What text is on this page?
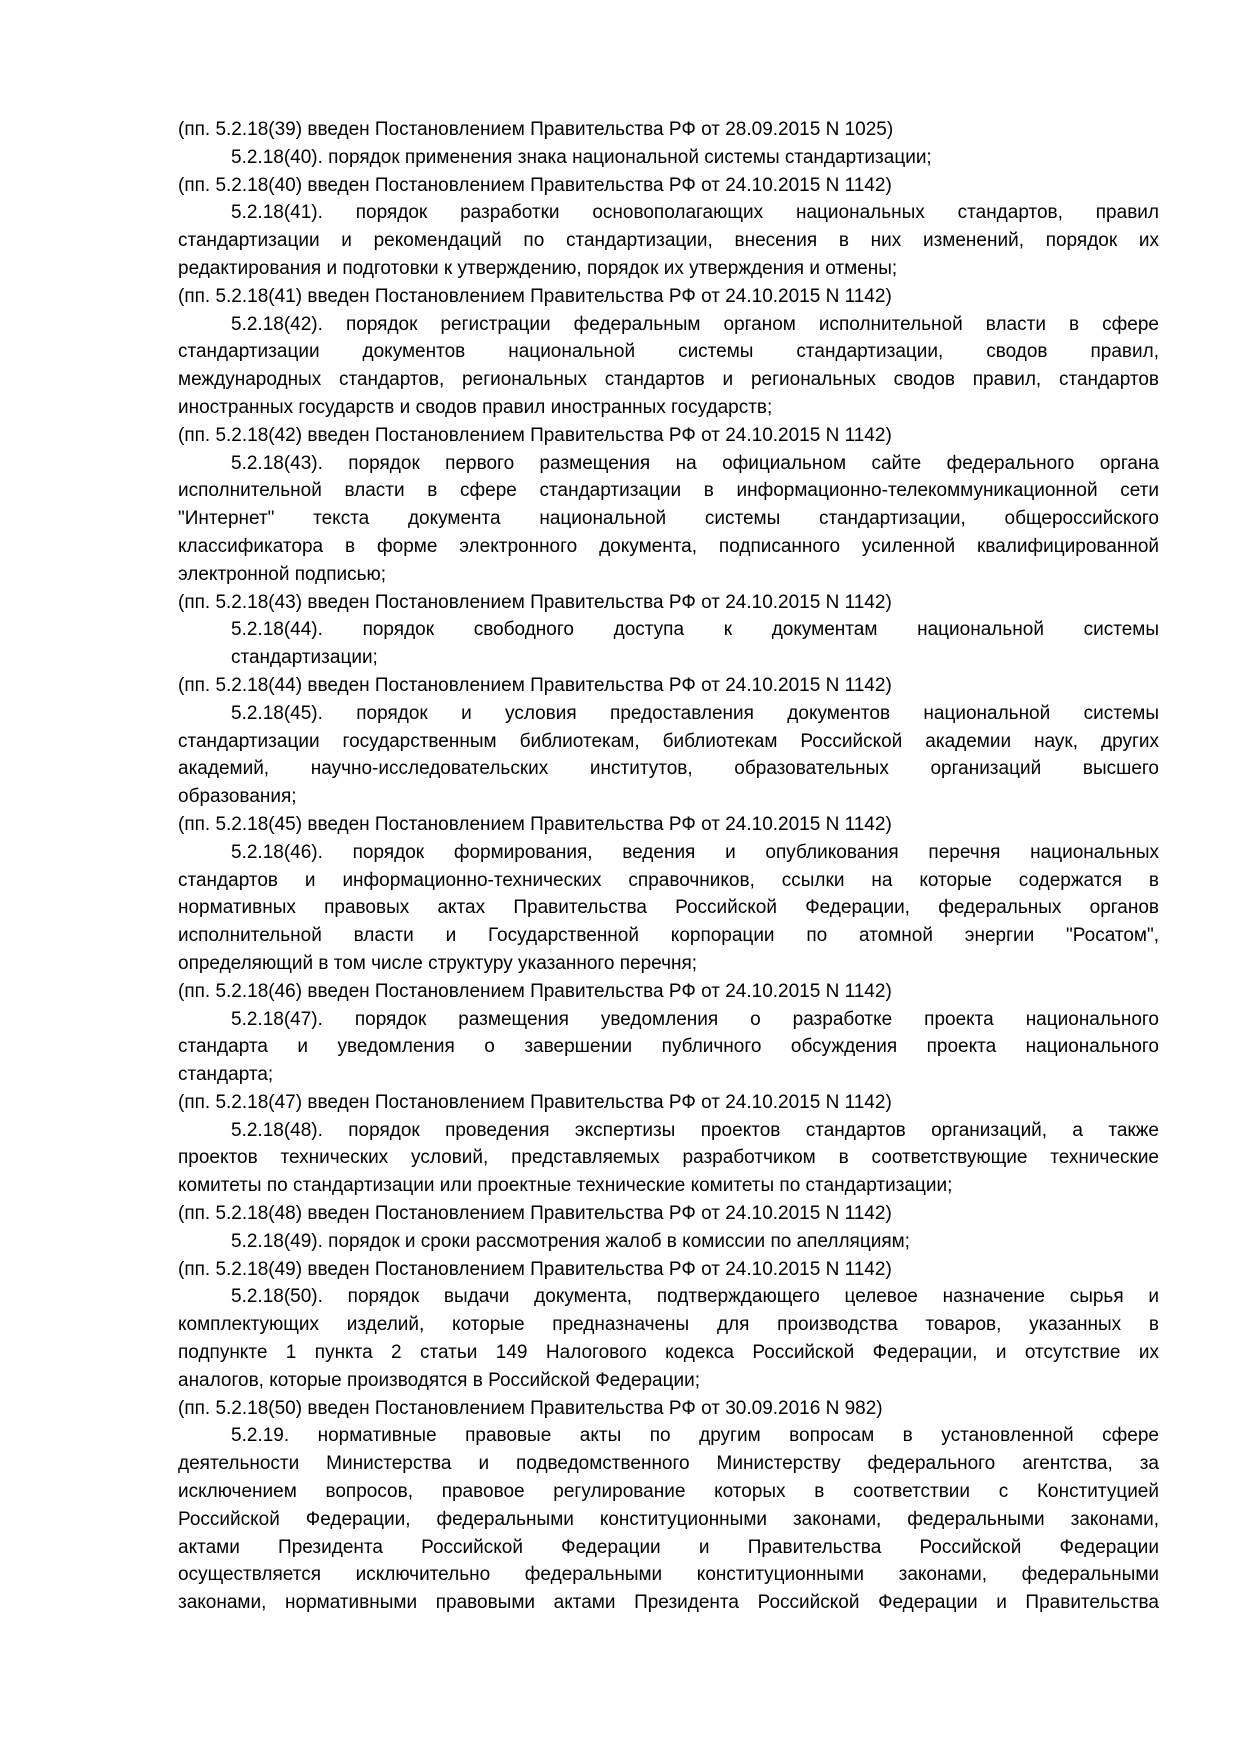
(пп. 5.2.18(39) введен Постановлением Правительства РФ от 28.09.2015 N 1025)
5.2.18(40). порядок применения знака национальной системы стандартизации;
(пп. 5.2.18(40) введен Постановлением Правительства РФ от 24.10.2015 N 1142)
5.2.18(41). порядок разработки основополагающих национальных стандартов, правил
стандартизации и рекомендаций по стандартизации, внесения в них изменений, порядок их
редактирования и подготовки к утверждению, порядок их утверждения и отмены;
(пп. 5.2.18(41) введен Постановлением Правительства РФ от 24.10.2015 N 1142)
5.2.18(42). порядок регистрации федеральным органом исполнительной власти в сфере
стандартизации документов национальной системы стандартизации, сводов правил,
международных стандартов, региональных стандартов и региональных сводов правил, стандартов
иностранных государств и сводов правил иностранных государств;
(пп. 5.2.18(42) введен Постановлением Правительства РФ от 24.10.2015 N 1142)
5.2.18(43). порядок первого размещения на официальном сайте федерального органа
исполнительной власти в сфере стандартизации в информационно-телекоммуникационной сети
"Интернет" текста документа национальной системы стандартизации, общероссийского
классификатора в форме электронного документа, подписанного усиленной квалифицированной
электронной подписью;
(пп. 5.2.18(43) введен Постановлением Правительства РФ от 24.10.2015 N 1142)
5.2.18(44). порядок свободного доступа к документам национальной системы
стандартизации;
(пп. 5.2.18(44) введен Постановлением Правительства РФ от 24.10.2015 N 1142)
5.2.18(45). порядок и условия предоставления документов национальной системы
стандартизации государственным библиотекам, библиотекам Российской академии наук, других
академий, научно-исследовательских институтов, образовательных организаций высшего
образования;
(пп. 5.2.18(45) введен Постановлением Правительства РФ от 24.10.2015 N 1142)
5.2.18(46). порядок формирования, ведения и опубликования перечня национальных
стандартов и информационно-технических справочников, ссылки на которые содержатся в
нормативных правовых актах Правительства Российской Федерации, федеральных органов
исполнительной власти и Государственной корпорации по атомной энергии "Росатом",
определяющий в том числе структуру указанного перечня;
(пп. 5.2.18(46) введен Постановлением Правительства РФ от 24.10.2015 N 1142)
5.2.18(47). порядок размещения уведомления о разработке проекта национального
стандарта и уведомления о завершении публичного обсуждения проекта национального
стандарта;
(пп. 5.2.18(47) введен Постановлением Правительства РФ от 24.10.2015 N 1142)
5.2.18(48). порядок проведения экспертизы проектов стандартов организаций, а также
проектов технических условий, представляемых разработчиком в соответствующие технические
комитеты по стандартизации или проектные технические комитеты по стандартизации;
(пп. 5.2.18(48) введен Постановлением Правительства РФ от 24.10.2015 N 1142)
5.2.18(49). порядок и сроки рассмотрения жалоб в комиссии по апелляциям;
(пп. 5.2.18(49) введен Постановлением Правительства РФ от 24.10.2015 N 1142)
5.2.18(50). порядок выдачи документа, подтверждающего целевое назначение сырья и
комплектующих изделий, которые предназначены для производства товаров, указанных в
подпункте 1 пункта 2 статьи 149 Налогового кодекса Российской Федерации, и отсутствие их
аналогов, которые производятся в Российской Федерации;
(пп. 5.2.18(50) введен Постановлением Правительства РФ от 30.09.2016 N 982)
5.2.19. нормативные правовые акты по другим вопросам в установленной сфере
деятельности Министерства и подведомственного Министерству федерального агентства, за
исключением вопросов, правовое регулирование которых в соответствии с Конституцией
Российской Федерации, федеральными конституционными законами, федеральными законами,
актами Президента Российской Федерации и Правительства Российской Федерации
осуществляется исключительно федеральными конституционными законами, федеральными
законами, нормативными правовыми актами Президента Российской Федерации и Правительства
